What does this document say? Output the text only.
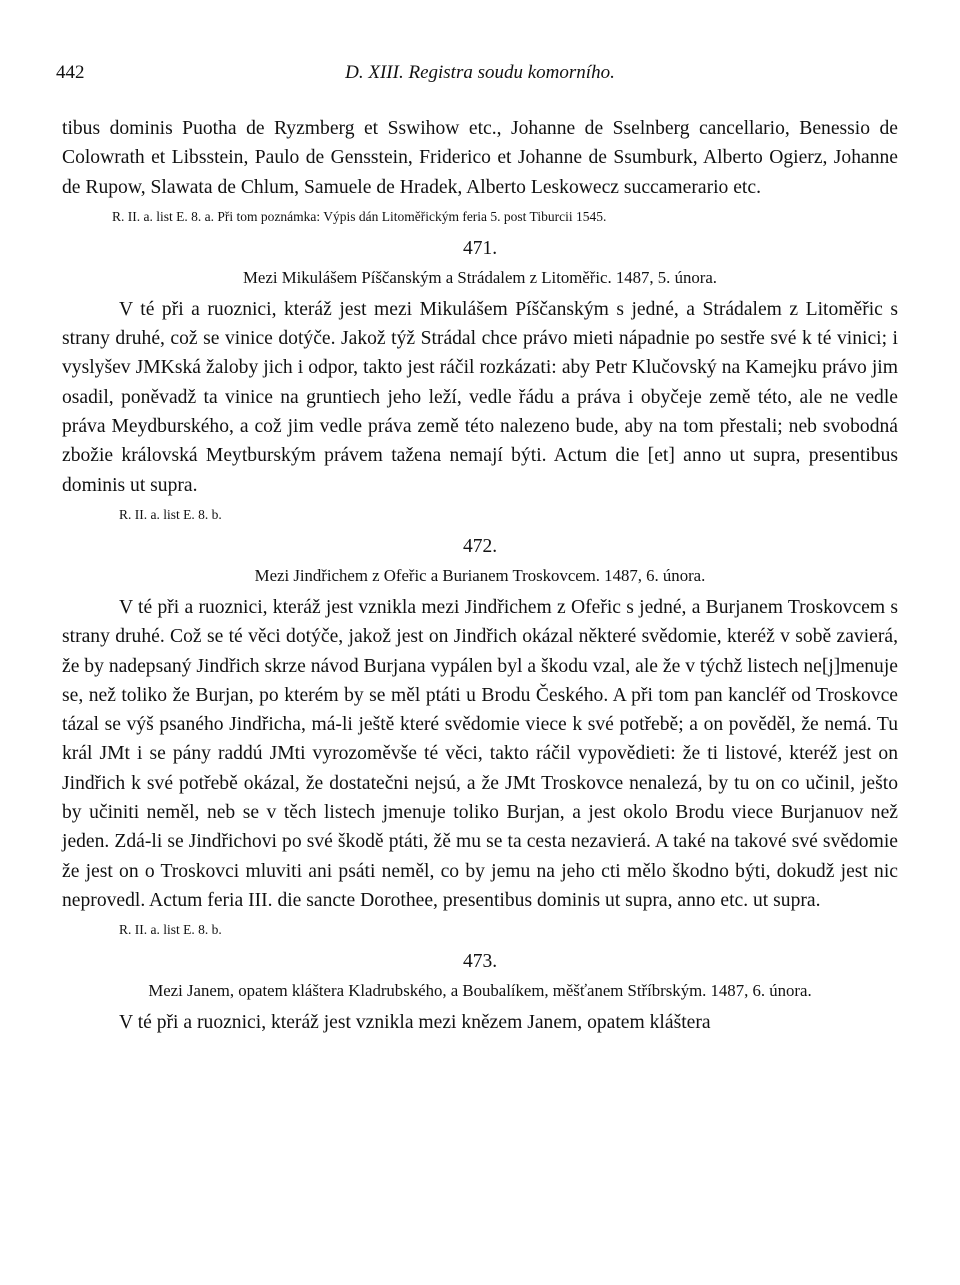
442	D. XIII. Registra soudu komorního.

tibus dominis Puotha de Ryzmberg et Sswihow etc., Johanne de Sselnberg cancellario, Benessio de Colowrath et Libsstein, Paulo de Gensstein, Friderico et Johanne de Ssumburk, Alberto Ogierz, Johanne de Rupow, Slawata de Chlum, Samuele de Hradek, Alberto Leskowecz succamerario etc.

R. II. a. list E. 8. a. Při tom poznámka: Výpis dán Litoměřickým feria 5. post Tiburcii 1545.
471.
Mezi Mikulášem Píščanským a Strádalem z Litoměřic. 1487, 5. února.

V té při a ruoznici, kteráž jest mezi Mikulášem Píščanským s jedné, a Strádalem z Litoměřic s strany druhé, což se vinice dotýče. Jakož týž Strádal chce právo mieti nápadnie po sestře své k té vinici; i vyslyšev JMKská žaloby jich i odpor, takto jest ráčil rozkázati: aby Petr Klučovský na Kamejku právo jim osadil, poněvadž ta vinice na gruntiech jeho leží, vedle řádu a práva i obyčeje země této, ale ne vedle práva Meydburského, a což jim vedle práva země této nalezeno bude, aby na tom přestali; neb svobodná zbožie královská Meytburským právem tažena nemají býti. Actum die [et] anno ut supra, presentibus dominis ut supra.

R. II. a. list E. 8. b.
472.
Mezi Jindřichem z Ofeřic a Burianem Troskovcem. 1487, 6. února.

V té při a ruoznici, kteráž jest vznikla mezi Jindřichem z Ofeřic s jedné, a Burjanem Troskovcem s strany druhé. Což se té věci dotýče, jakož jest on Jindřich okázal některé svědomie, kteréž v sobě zavierá, že by nadepsaný Jindřich skrze návod Burjana vypálen byl a škodu vzal, ale že v týchž listech ne[j]menuje se, než toliko že Burjan, po kterém by se měl ptáti u Brodu Českého. A při tom pan kancléř od Troskovce tázal se výš psaného Jindřicha, má-li ještě které svědomie viece k své potřebě; a on pověděl, že nemá. Tu král JMt i se pány raddú JMti vyrozoměvše té věci, takto ráčil vypovědieti: že ti listové, kteréž jest on Jindřich k své potřebě okázal, že dostatečni nejsú, a že JMt Troskovce nenalezá, by tu on co učinil, ješto by učiniti neměl, neb se v těch listech jmenuje toliko Burjan, a jest okolo Brodu viece Burjanuov než jeden. Zdá-li se Jindřichovi po své škodě ptáti, žě mu se ta cesta nezavierá. A také na takové své svědomie že jest on o Troskovci mluviti ani psáti neměl, co by jemu na jeho cti mělo škodno býti, dokudž jest nic neprovedl. Actum feria III. die sancte Dorothee, presentibus dominis ut supra, anno etc. ut supra.

R. II. a. list E. 8. b.
473.
Mezi Janem, opatem kláštera Kladrubského, a Boubalíkem, měšťanem Stříbrským. 1487, 6. února.

V té při a ruoznici, kteráž jest vznikla mezi knězem Janem, opatem kláštera
